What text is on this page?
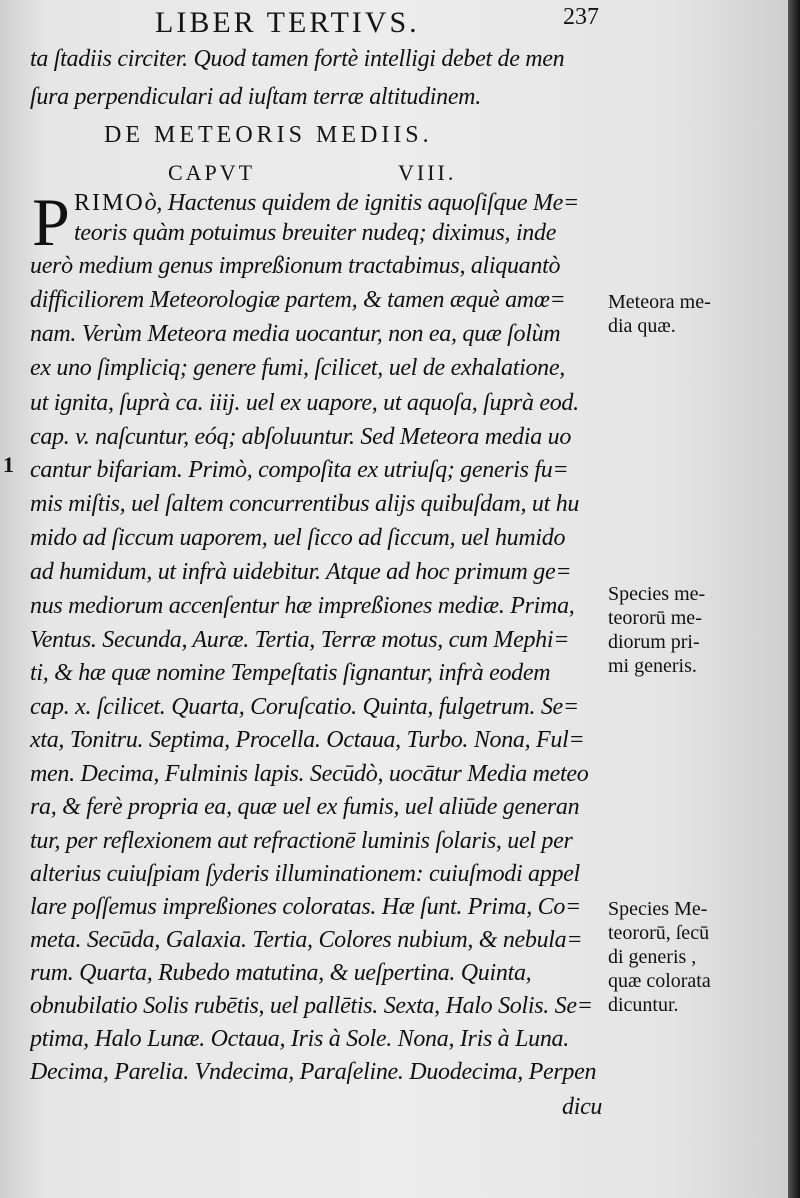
LIBER TERTIVS.	237
ta ſtadiis circiter. Quod tamen fortè intelligi debet de men
ſura perpendiculari ad iuſtam terræ altitudinem.
DE METEORIS MEDIIS.
CAPVT	VIII.
P RIMOò, Hactenus quidem de ignitis aquoſiſque Me=
teoris quàm potuimus breuiter nudeq; diximus, inde
uerò medium genus impreßionum tractabimus, aliquantò
difficiliorem Meteorologiæ partem, & tamen æquè amœ=
nam. Verùm Meteora media uocantur, non ea, quæ ſolùm
ex uno ſimpliciq; genere fumi, ſcilicet, uel de exhalatione,
ut ignita, ſuprà ca. iiij. uel ex uapore, ut aquoſa, ſuprà eod.
cap. v. naſcuntur, eóq; abſoluuntur. Sed Meteora media uo
1 cantur bifariam. Primò, compoſita ex utriuſq; generis fu=
mis miſtis, uel ſaltem concurrentibus alijs quibuſdam, ut hu
mido ad ſiccum uaporem, uel ſicco ad ſiccum, uel humido
ad humidum, ut infrà uidebitur. Atque ad hoc primum ge=
nus mediorum accenſentur hæ impreßiones mediæ. Prima,
Ventus. Secunda, Auræ. Tertia, Terræ motus, cum Mephi=
ti, & hæ quæ nomine Tempeſtatis ſignantur, infrà eodem
cap. x. ſcilicet. Quarta, Coruſcatio. Quinta, fulgetrum. Se=
xta, Tonitru. Septima, Procella. Octaua, Turbo. Nona, Ful=
men. Decima, Fulminis lapis. Secūdò, uocātur Media meteo
ra, & ferè propria ea, quæ uel ex fumis, uel aliūde generan
tur, per reflexionem aut refractionē luminis ſolaris, uel per
alterius cuiuſpiam ſyderis illuminationem: cuiuſmodi appel
lare poſſemus impreßiones coloratas. Hæ ſunt. Prima, Co=
meta. Secūda, Galaxia. Tertia, Colores nubium, & nebula=
rum. Quarta, Rubedo matutina, & ueſpertina. Quinta,
obnubilatio Solis rubētis, uel pallētis. Sexta, Halo Solis. Se=
ptima, Halo Lunæ. Octaua, Iris à Sole. Nona, Iris à Luna.
Decima, Parelia. Vndecima, Paraſeline. Duodecima, Perpen
dicu
Meteora me-
dia quæ.
Species me-
teororū me-
diorum pri-
mi generis.
Species Me-
teororū, ſecū
di generis ,
quæ colorata
dicuntur.
